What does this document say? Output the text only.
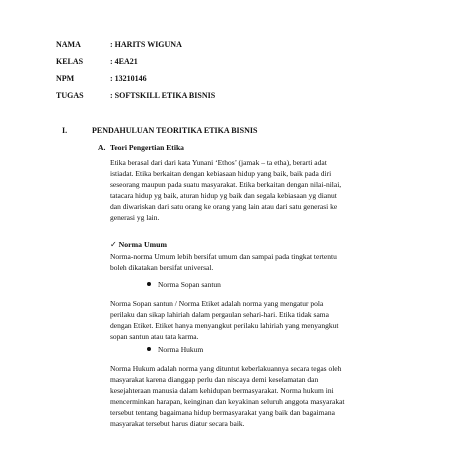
NAMA	: HARITS WIGUNA
KELAS	: 4EA21
NPM	: 13210146
TUGAS	: SOFTSKILL ETIKA BISNIS
I.	PENDAHULUAN TEORITIKA ETIKA BISNIS
A. Teori Pengertian Etika
Etika berasal dari dari kata Yunani ‘Ethos’ (jamak – ta etha), berarti adat
istiadat. Etika berkaitan dengan kebiasaan hidup yang baik, baik pada diri
seseorang maupun pada suatu masyarakat. Etika berkaitan dengan nilai-nilai,
tatacara hidup yg baik, aturan hidup yg baik dan segala kebiasaan yg dianut
dan diwariskan dari satu orang ke orang yang lain atau dari satu generasi ke
generasi yg lain.
✓ Norma Umum
Norma-norma Umum lebih bersifat umum dan sampai pada tingkat tertentu
boleh dikatakan bersifat universal.
Norma Sopan santun
Norma Sopan santun / Norma Etiket adalah norma yang mengatur pola
perilaku dan sikap lahiriah dalam pergaulan sehari-hari. Etika tidak sama
dengan Etiket. Etiket hanya menyangkut perilaku lahiriah yang menyangkut
sopan santun atau tata karma.
Norma Hukum
Norma Hukum adalah norma yang dituntut keberlakuannya secara tegas oleh
masyarakat karena dianggap perlu dan niscaya demi keselamatan dan
kesejahteraan manusia dalam kehidupan bermasyarakat. Norma hukum ini
mencerminkan harapan, keinginan dan keyakinan seluruh anggota masyarakat
tersebut tentang bagaimana hidup bermasyarakat yang baik dan bagaimana
masyarakat tersebut harus diatur secara baik.
